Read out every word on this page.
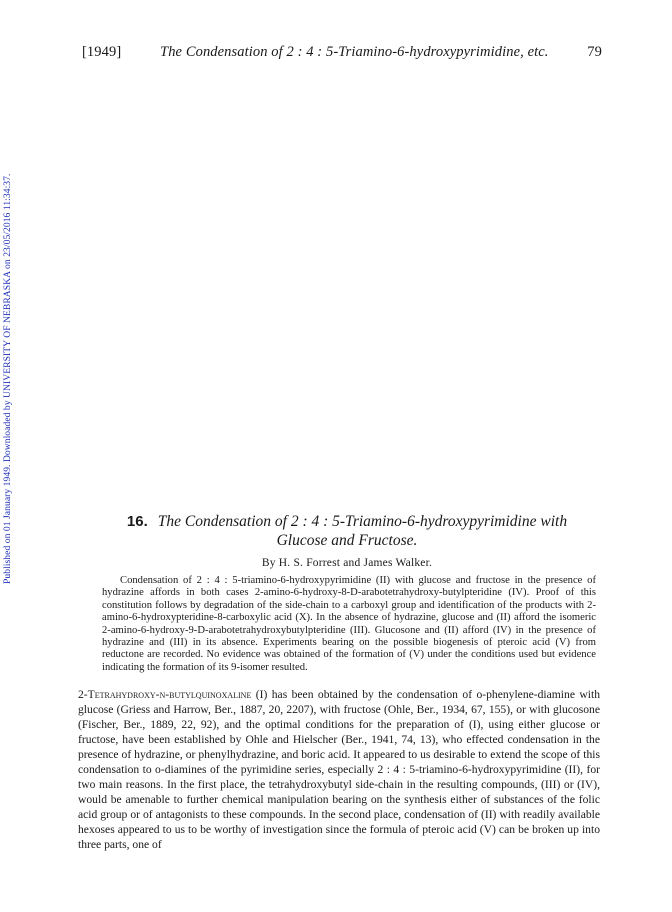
[1949]	The Condensation of 2 : 4 : 5-Triamino-6-hydroxypyrimidine, etc.	79
Published on 01 January 1949. Downloaded by UNIVERSITY OF NEBRASKA on 23/05/2016 11:34:37.	16. The Condensation of 2 : 4 : 5-Triamino-6-hydroxypyrimidine with
Glucose and Fructose.
By H. S. Forrest and James Walker.

Condensation of 2 : 4 : 5-triamino-6-hydroxypyrimidine (II) with glucose and fructose in the presence of hydrazine affords in both cases 2-amino-6-hydroxy-8-D-arabotetrahydroxy-butylpteridine (IV). Proof of this constitution follows by degradation of the side-chain to a carboxyl group and identification of the products with 2-amino-6-hydroxypteridine-8-carboxylic acid (X). In the absence of hydrazine, glucose and (II) afford the isomeric 2-amino-6-hydroxy-9-D-arabotetrahydroxybutylpteridine (III). Glucosone and (II) afford (IV) in the presence of hydrazine and (III) in its absence. Experiments bearing on the possible biogenesis of pteroic acid (V) from reductone are recorded. No evidence was obtained of the formation of (V) under the conditions used but evidence indicating the formation of its 9-isomer resulted.

2-Tetrahydroxy-n-butylquinoxaline (I) has been obtained by the condensation of o-phenylene-diamine with glucose (Griess and Harrow, Ber., 1887, 20, 2207), with fructose (Ohle, Ber., 1934, 67, 155), or with glucosone (Fischer, Ber., 1889, 22, 92), and the optimal conditions for the preparation of (I), using either glucose or fructose, have been established by Ohle and Hielscher (Ber., 1941, 74, 13), who effected condensation in the presence of hydrazine, or phenylhydrazine, and boric acid. It appeared to us desirable to extend the scope of this condensation to o-diamines of the pyrimidine series, especially 2 : 4 : 5-triamino-6-hydroxypyrimidine (II), for two main reasons. In the first place, the tetrahydroxybutyl side-chain in the resulting compounds, (III) or (IV), would be amenable to further chemical manipulation bearing on the synthesis either of substances of the folic acid group or of antagonists to these compounds. In the second place, condensation of (II) with readily available hexoses appeared to us to be worthy of investigation since the formula of pteroic acid (V) can be broken up into three parts, one of
